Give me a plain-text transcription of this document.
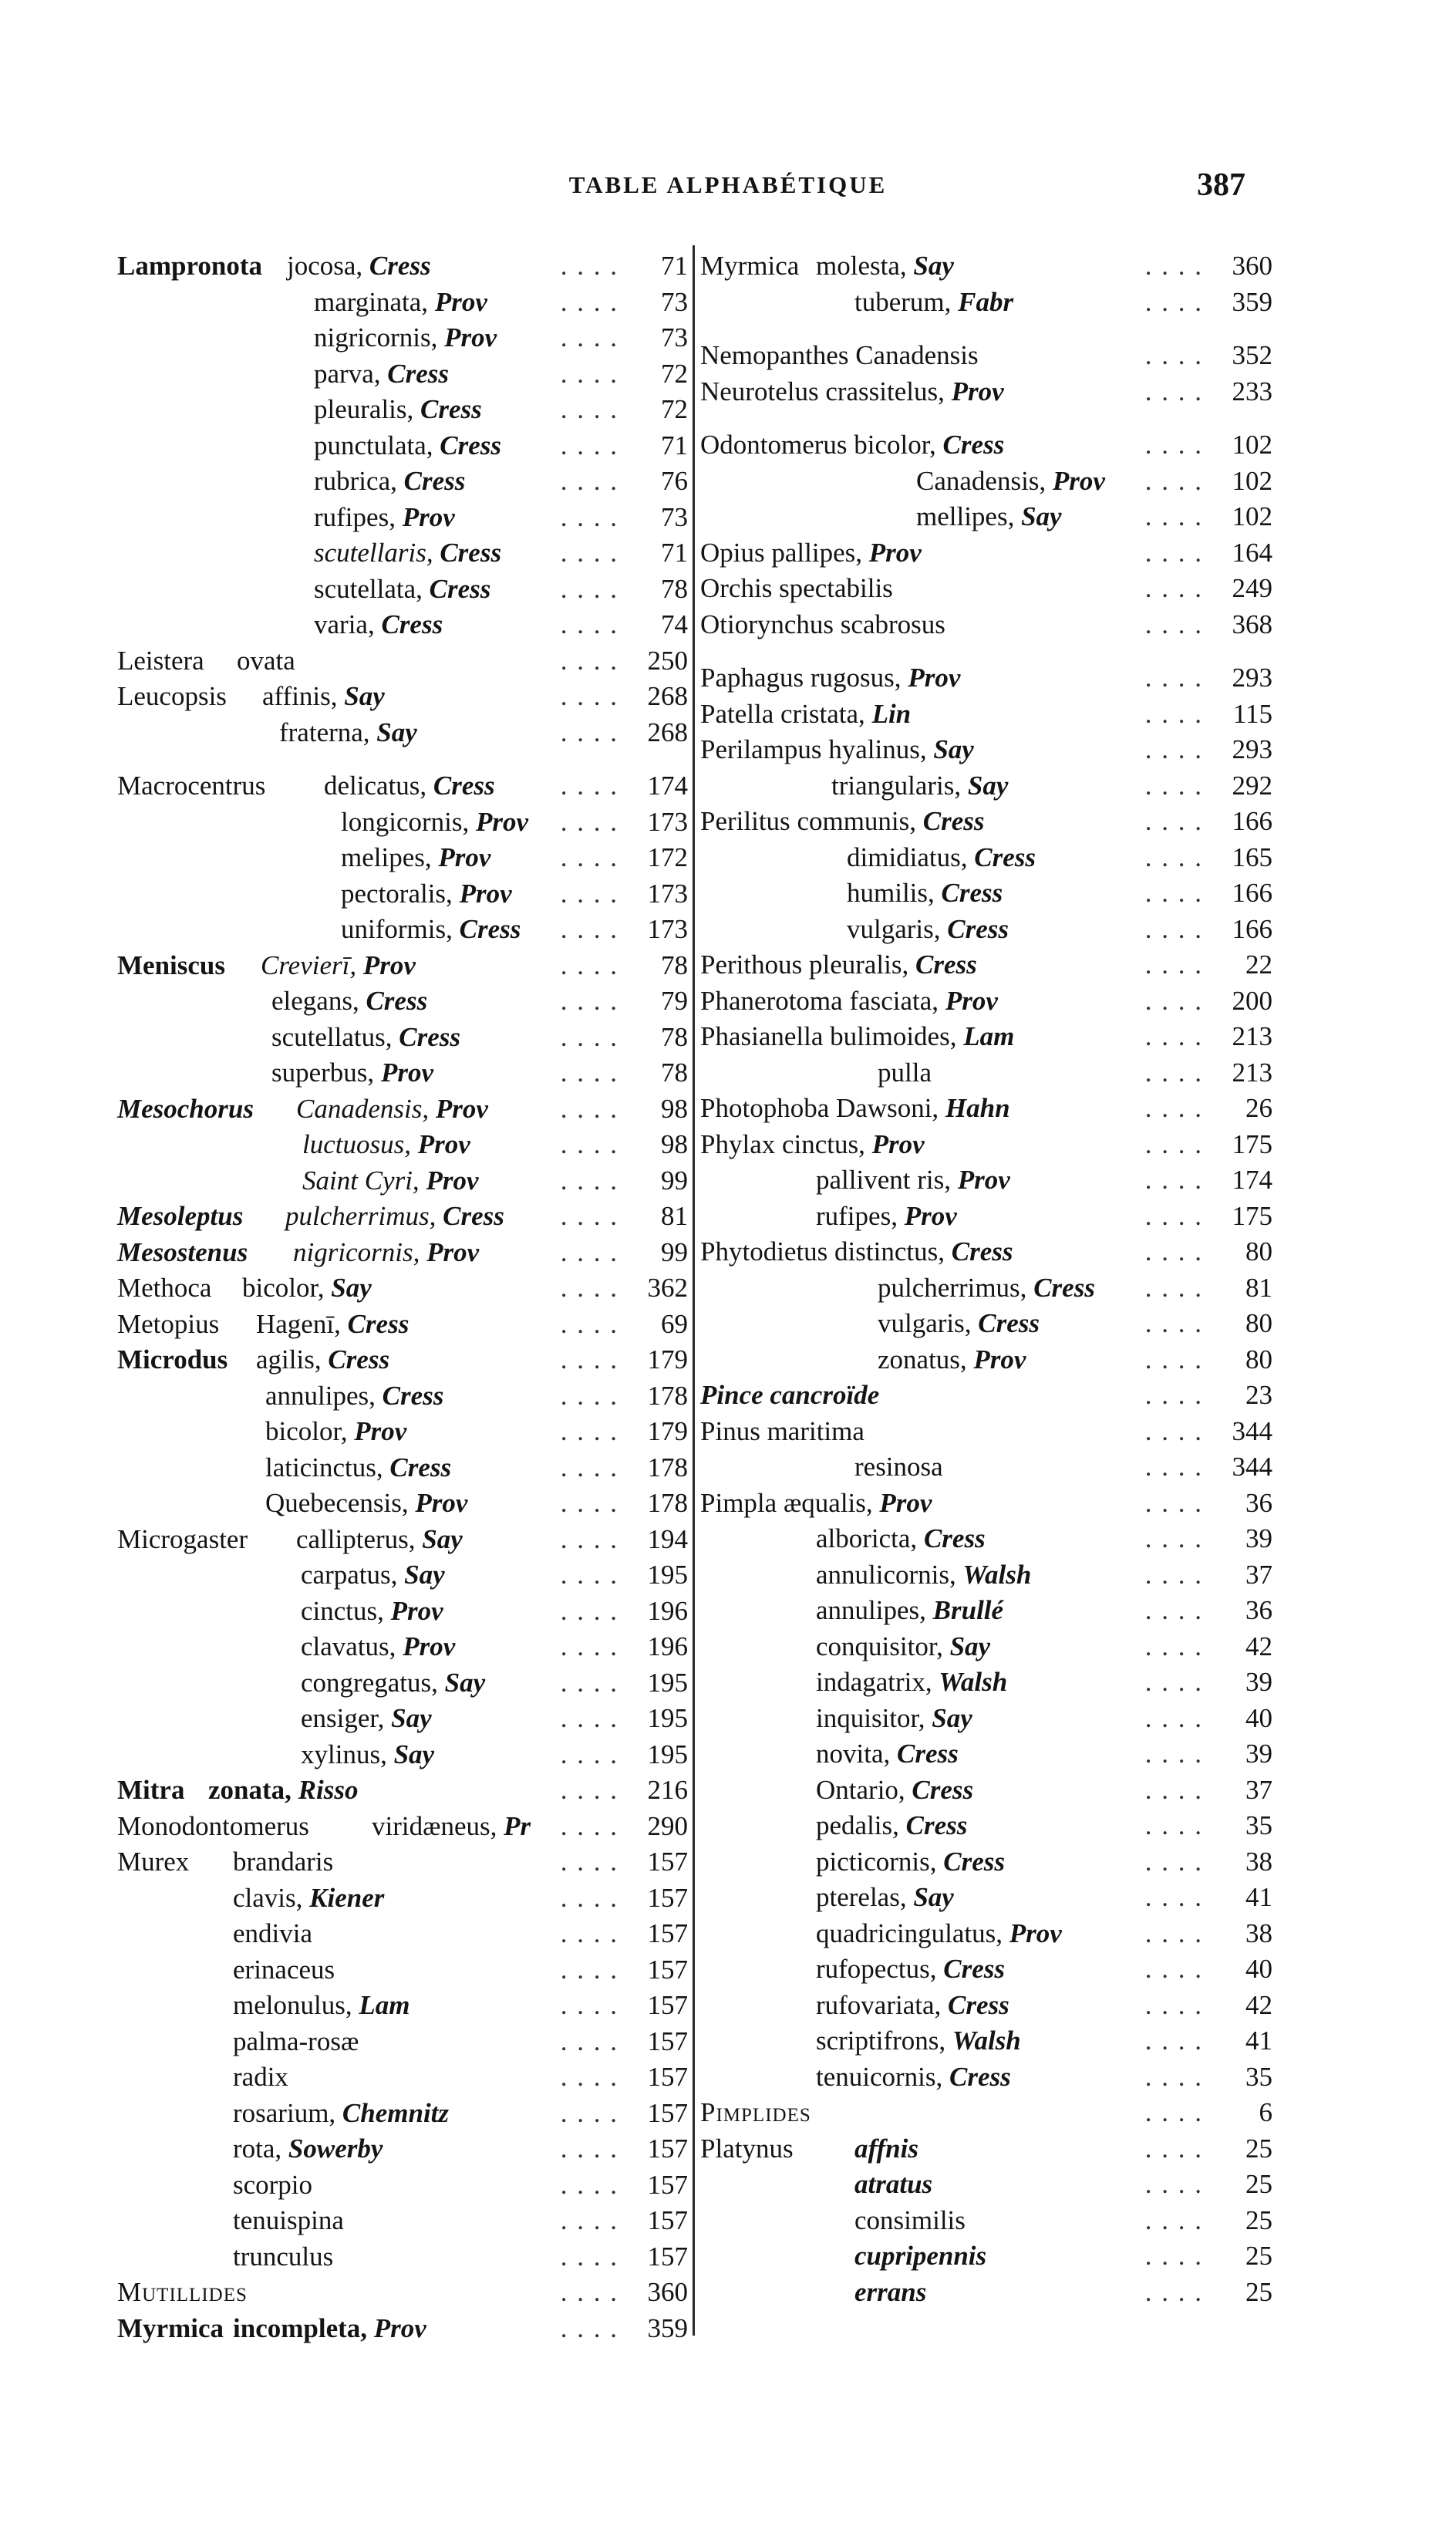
TABLE ALPHABÉTIQUE	387
Lampronota jocosa, Cress	. . . .	71
marginata, Prov	. . . .	73
nigricornis, Prov . . . .	73
parva, Cress	. . . .	72
pleuralis, Cress	. . . .	72
punctulata, Cress . . . .	71
rubrica, Cress	. . . .	76
rufipes, Prov	. . . .	73
scutellaris, Cress . . . .	71
scutellata, Cress	. . . .	78
varia, Cress	. . . .	74
Leistera ovata	. . . .	250
Leucopsis affinis, Say	. . . .	268
fraterna, Say	. . . .	268
Macrocentrus delicatus, Cress . . . .	174
longicornis, Prov . . . .	173
melipes, Prov	. . . .	172
pectoralis, Prov . . . .	173
uniformis, Cress . . . .	173
Meniscus Crevierī, Prov	. . . .	78
elegans, Cress	. . . .	79
scutellatus, Cress	. . . .	78
superbus, Prov	. . . .	78
Mesochorus Canadensis, Prov	. . . .	98
luctuosus, Prov	. . . .	98
Saint Cyri, Prov	. . . .	99
Mesoleptus pulcherrimus, Cress . . . .	81
Mesostenus nigricornis, Prov	. . . .	99
Methoca bicolor, Say	. . . .	362
Metopius Hagenī, Cress	. . . .	69
Microdus agilis, Cress	. . . .	179
annulipes, Cress	. . . .	178
bicolor, Prov	. . . .	179
laticinctus, Cress	. . . .	178
Quebecensis, Prov	. . . .	178
Microgaster callipterus, Say	. . . .	194
carpatus, Say	. . . .	195
cinctus, Prov	. . . .	196
clavatus, Prov	. . . .	196
congregatus, Say	. . . .	195
ensiger, Say	. . . .	195
xylinus, Say	. . . .	195
Mitra zonata, Risso	. . . .	216
Monodontomerus viridæneus, Pr . . . .	290
Murex brandaris	. . . .	157
clavis, Kiener	. . . .	157
endivia	. . . .	157
erinaceus	. . . .	157
melonulus, Lam	. . . .	157
palma-rosæ	. . . .	157
radix	. . . .	157
rosarium, Chemnitz	. . . .	157
rota, Sowerby	. . . .	157
scorpio	. . . .	157
tenuispina	. . . .	157
trunculus	. . . .	157
Mutillides	. . . .	360
Myrmica incompleta, Prov	. . . .	359
Myrmica molesta, Say	. . . .	360
tuberum, Fabr	. . . .	359
Nemopanthes Canadensis	. . . .	352
Neurotelus crassitelus, Prov	. . . .	233
Odontomerus bicolor, Cress	. . . .	102
Canadensis, Prov . . . .	102
mellipes, Say	. . . .	102
Opius pallipes, Prov	. . . .	164
Orchis spectabilis	. . . .	249
Otiorynchus scabrosus	. . . .	368
Paphagus rugosus, Prov	. . . .	293
Patella cristata, Lin	. . . .	115
Perilampus hyalinus, Say	. . . .	293
triangularis, Say	. . . .	292
Perilitus communis, Cress	. . . .	166
dimidiatus, Cress	. . . .	165
humilis, Cress	. . . .	166
vulgaris, Cress	. . . .	166
Perithous pleuralis, Cress	. . . .	22
Phanerotoma fasciata, Prov	. . . .	200
Phasianella bulimoides, Lam	. . . .	213
pulla	. . . .	213
Photophoba Dawsoni, Hahn	. . . .	26
Phylax cinctus, Prov	. . . .	175
pallivent ris, Prov	. . . .	174
rufipes, Prov	. . . .	175
Phytodietus distinctus, Cress	. . . .	80
pulcherrimus, Cress . . . .	81
vulgaris, Cress	. . . .	80
zonatus, Prov	. . . .	80
Pince cancroïde	. . . .	23
Pinus maritima	. . . .	344
resinosa	. . . .	344
Pimpla æqualis, Prov	. . . .	36
alboricta, Cress	. . . .	39
annulicornis, Walsh	. . . .	37
annulipes, Brullé	. . . .	36
conquisitor, Say	. . . .	42
indagatrix, Walsh	. . . .	39
inquisitor, Say	. . . .	40
novita, Cress	. . . .	39
Ontario, Cress	. . . .	37
pedalis, Cress	. . . .	35
picticornis, Cress	. . . .	38
pterelas, Say	. . . .	41
quadricingulatus, Prov	. . . .	38
rufopectus, Cress	. . . .	40
rufovariata, Cress	. . . .	42
scriptifrons, Walsh	. . . .	41
tenuicornis, Cress	. . . .	35
Pimplides	. . . .	6
Platynus affnis	. . . .	25
atratus	. . . .	25
consimilis	. . . .	25
cupripennis	. . . .	25
errans	. . . .	25
